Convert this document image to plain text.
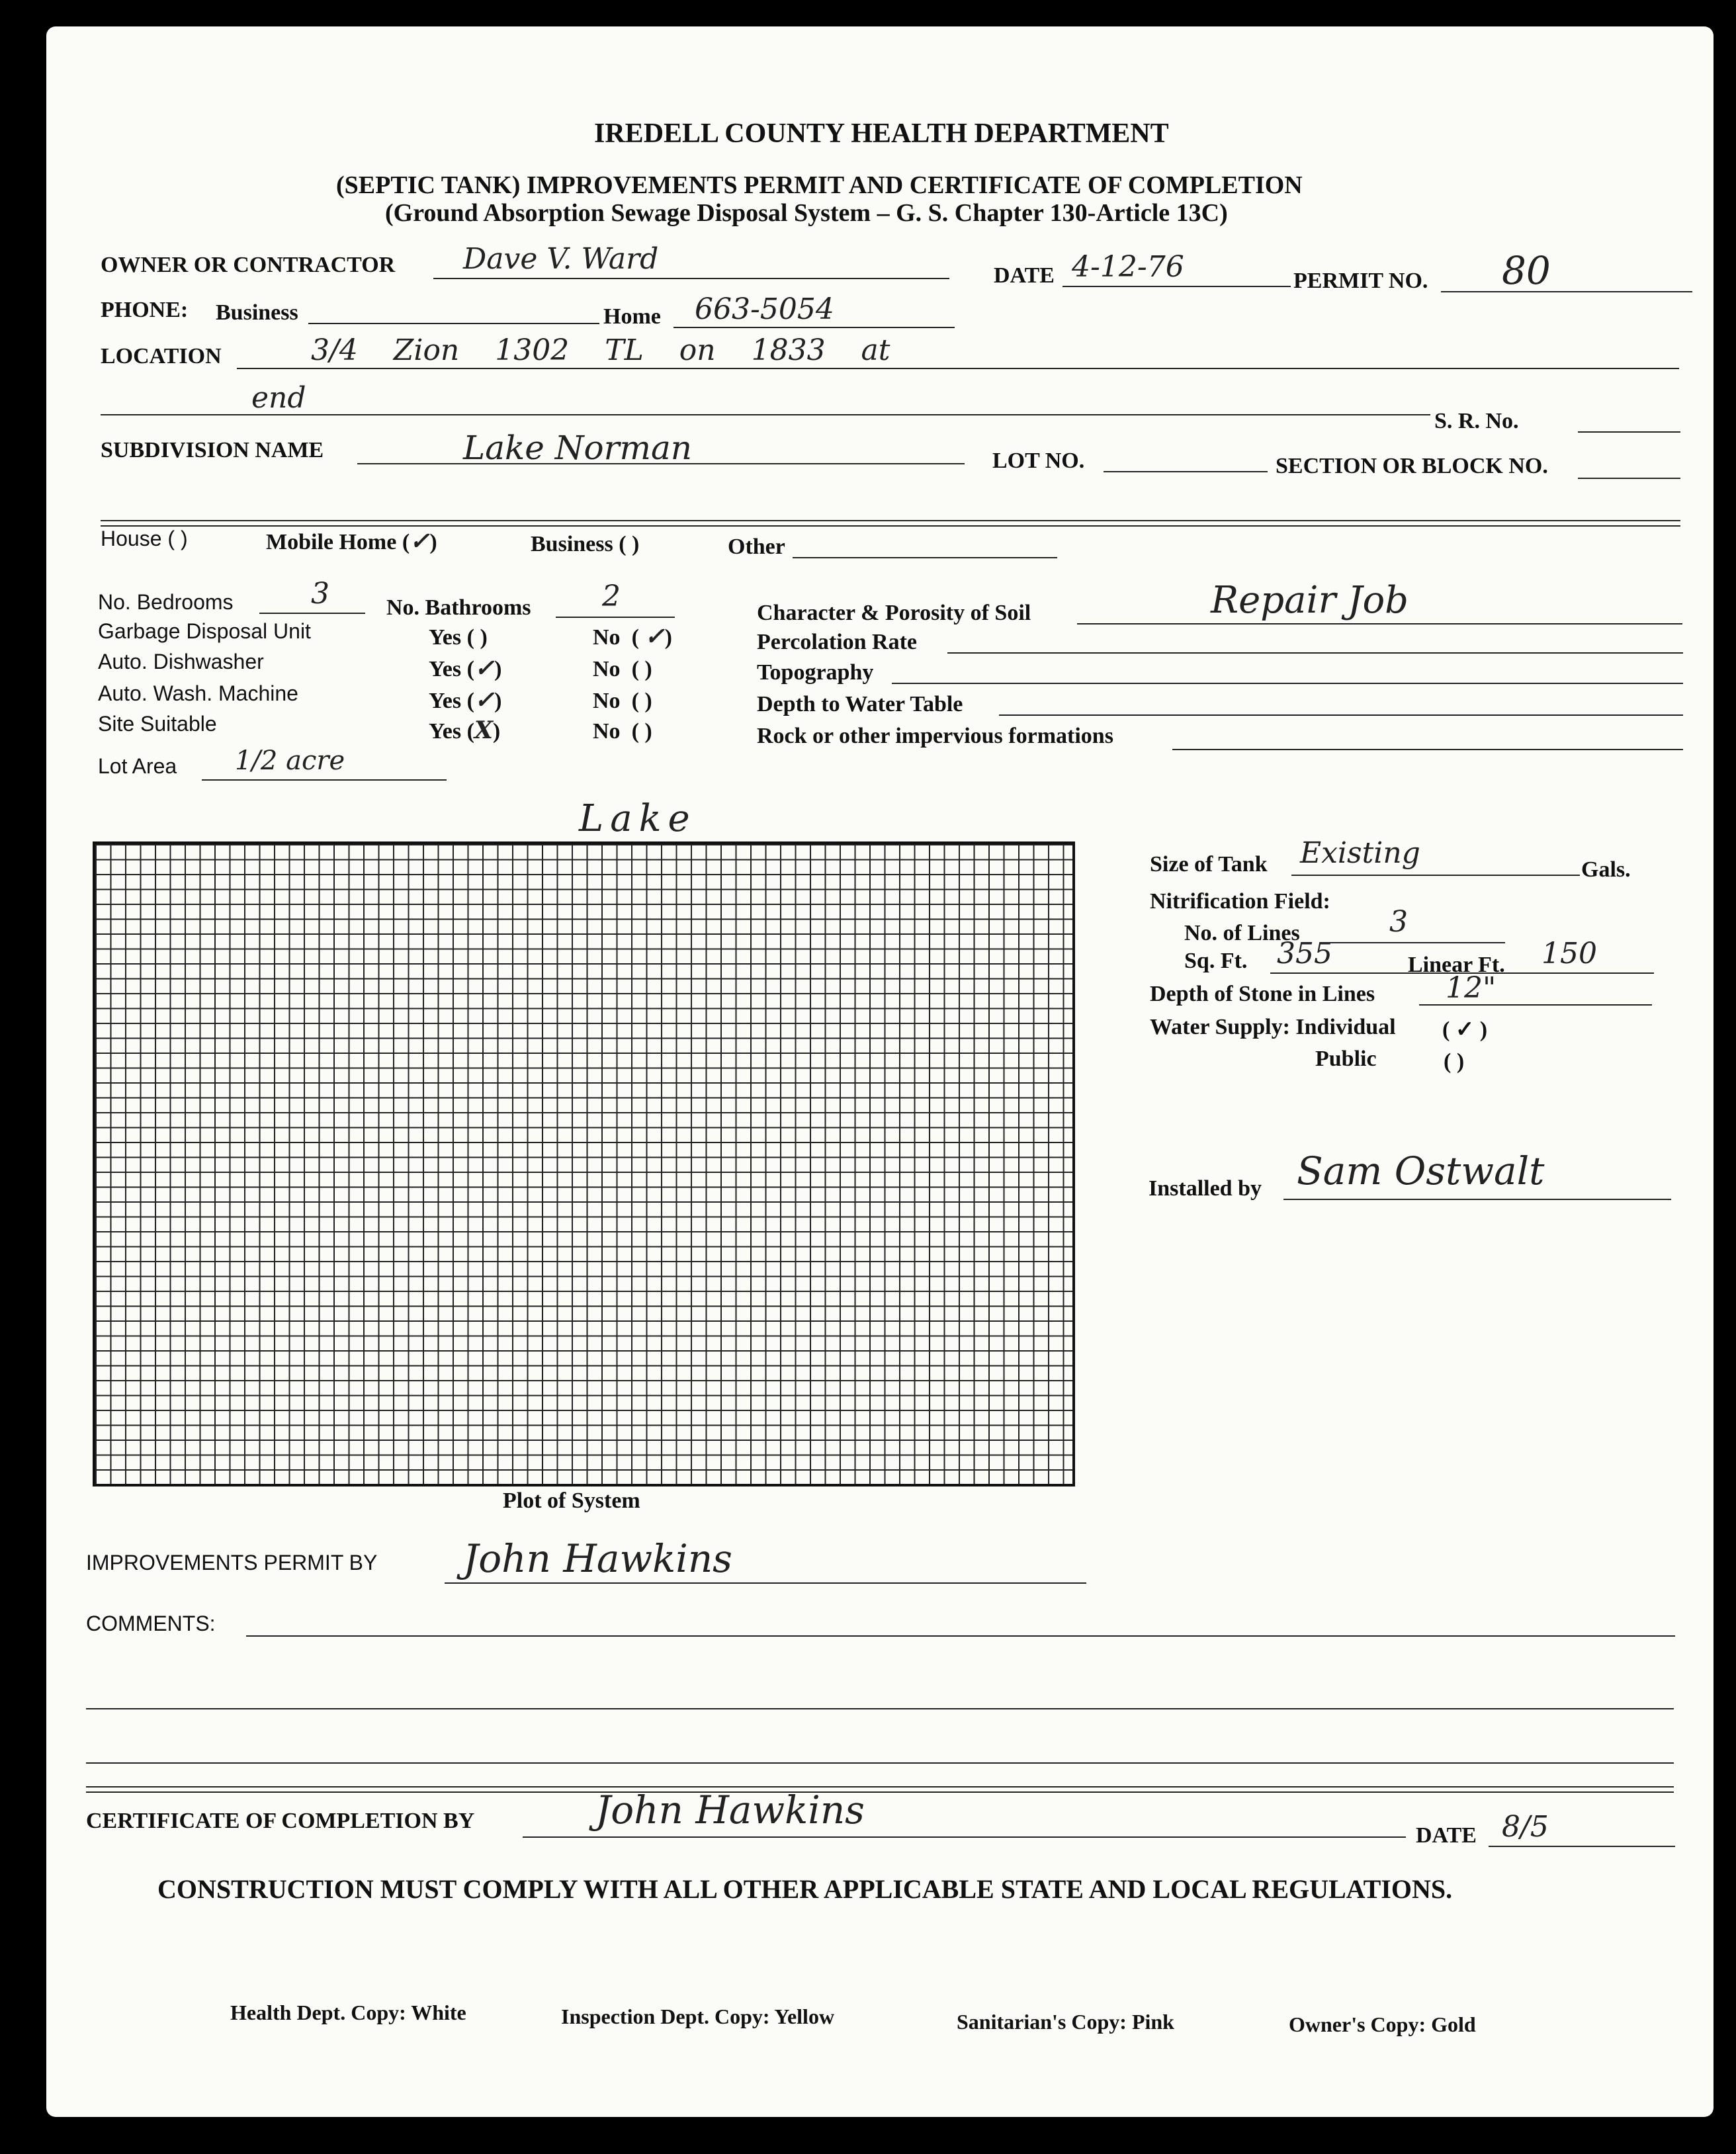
IREDELL COUNTY HEALTH DEPARTMENT
(SEPTIC TANK) IMPROVEMENTS PERMIT AND CERTIFICATE OF COMPLETION
(Ground Absorption Sewage Disposal System – G. S. Chapter 130-Article 13C)
OWNER OR CONTRACTOR Dave V. Ward	DATE 4-12-76	PERMIT NO. 80
PHONE: Business	Home 663-5054
LOCATION	3/4 Zion 1302 TL on 1833 at
end
S. R. No.
SUBDIVISION NAME	Lake Norman	LOT NO.	SECTION OR BLOCK NO.
House ( )	Mobile Home (✓)	Business ( )	Other
No. Bedrooms	3	No. Bathrooms 2
Garbage Disposal Unit	Yes ( )	No  ( ✓)
Auto. Dishwasher	Yes (✓)	No  ( )
Auto. Wash. Machine	Yes (✓)	No  ( )
Site Suitable	Yes (X)	No  ( )
Lot Area 1/2 acre
Character & Porosity of Soil	Repair Job
Percolation Rate
Topography
Depth to Water Table
Rock or other impervious formations
Lake
Plot of System
Size of Tank Existing	Gals.
Nitrification Field:
No. of Lines	3
Sq. Ft. 355	Linear Ft. 150
Depth of Stone in Lines 12"
Water Supply: Individual ( ✓ )
Public	( )
Installed by Sam Ostwalt
IMPROVEMENTS PERMIT BY John Hawkins
COMMENTS:
CERTIFICATE OF COMPLETION BY	John Hawkins
DATE 8/5
CONSTRUCTION MUST COMPLY WITH ALL OTHER APPLICABLE STATE AND LOCAL REGULATIONS.
Health Dept. Copy: White	Inspection Dept. Copy: Yellow	Sanitarian's Copy: Pink	Owner's Copy: Gold
